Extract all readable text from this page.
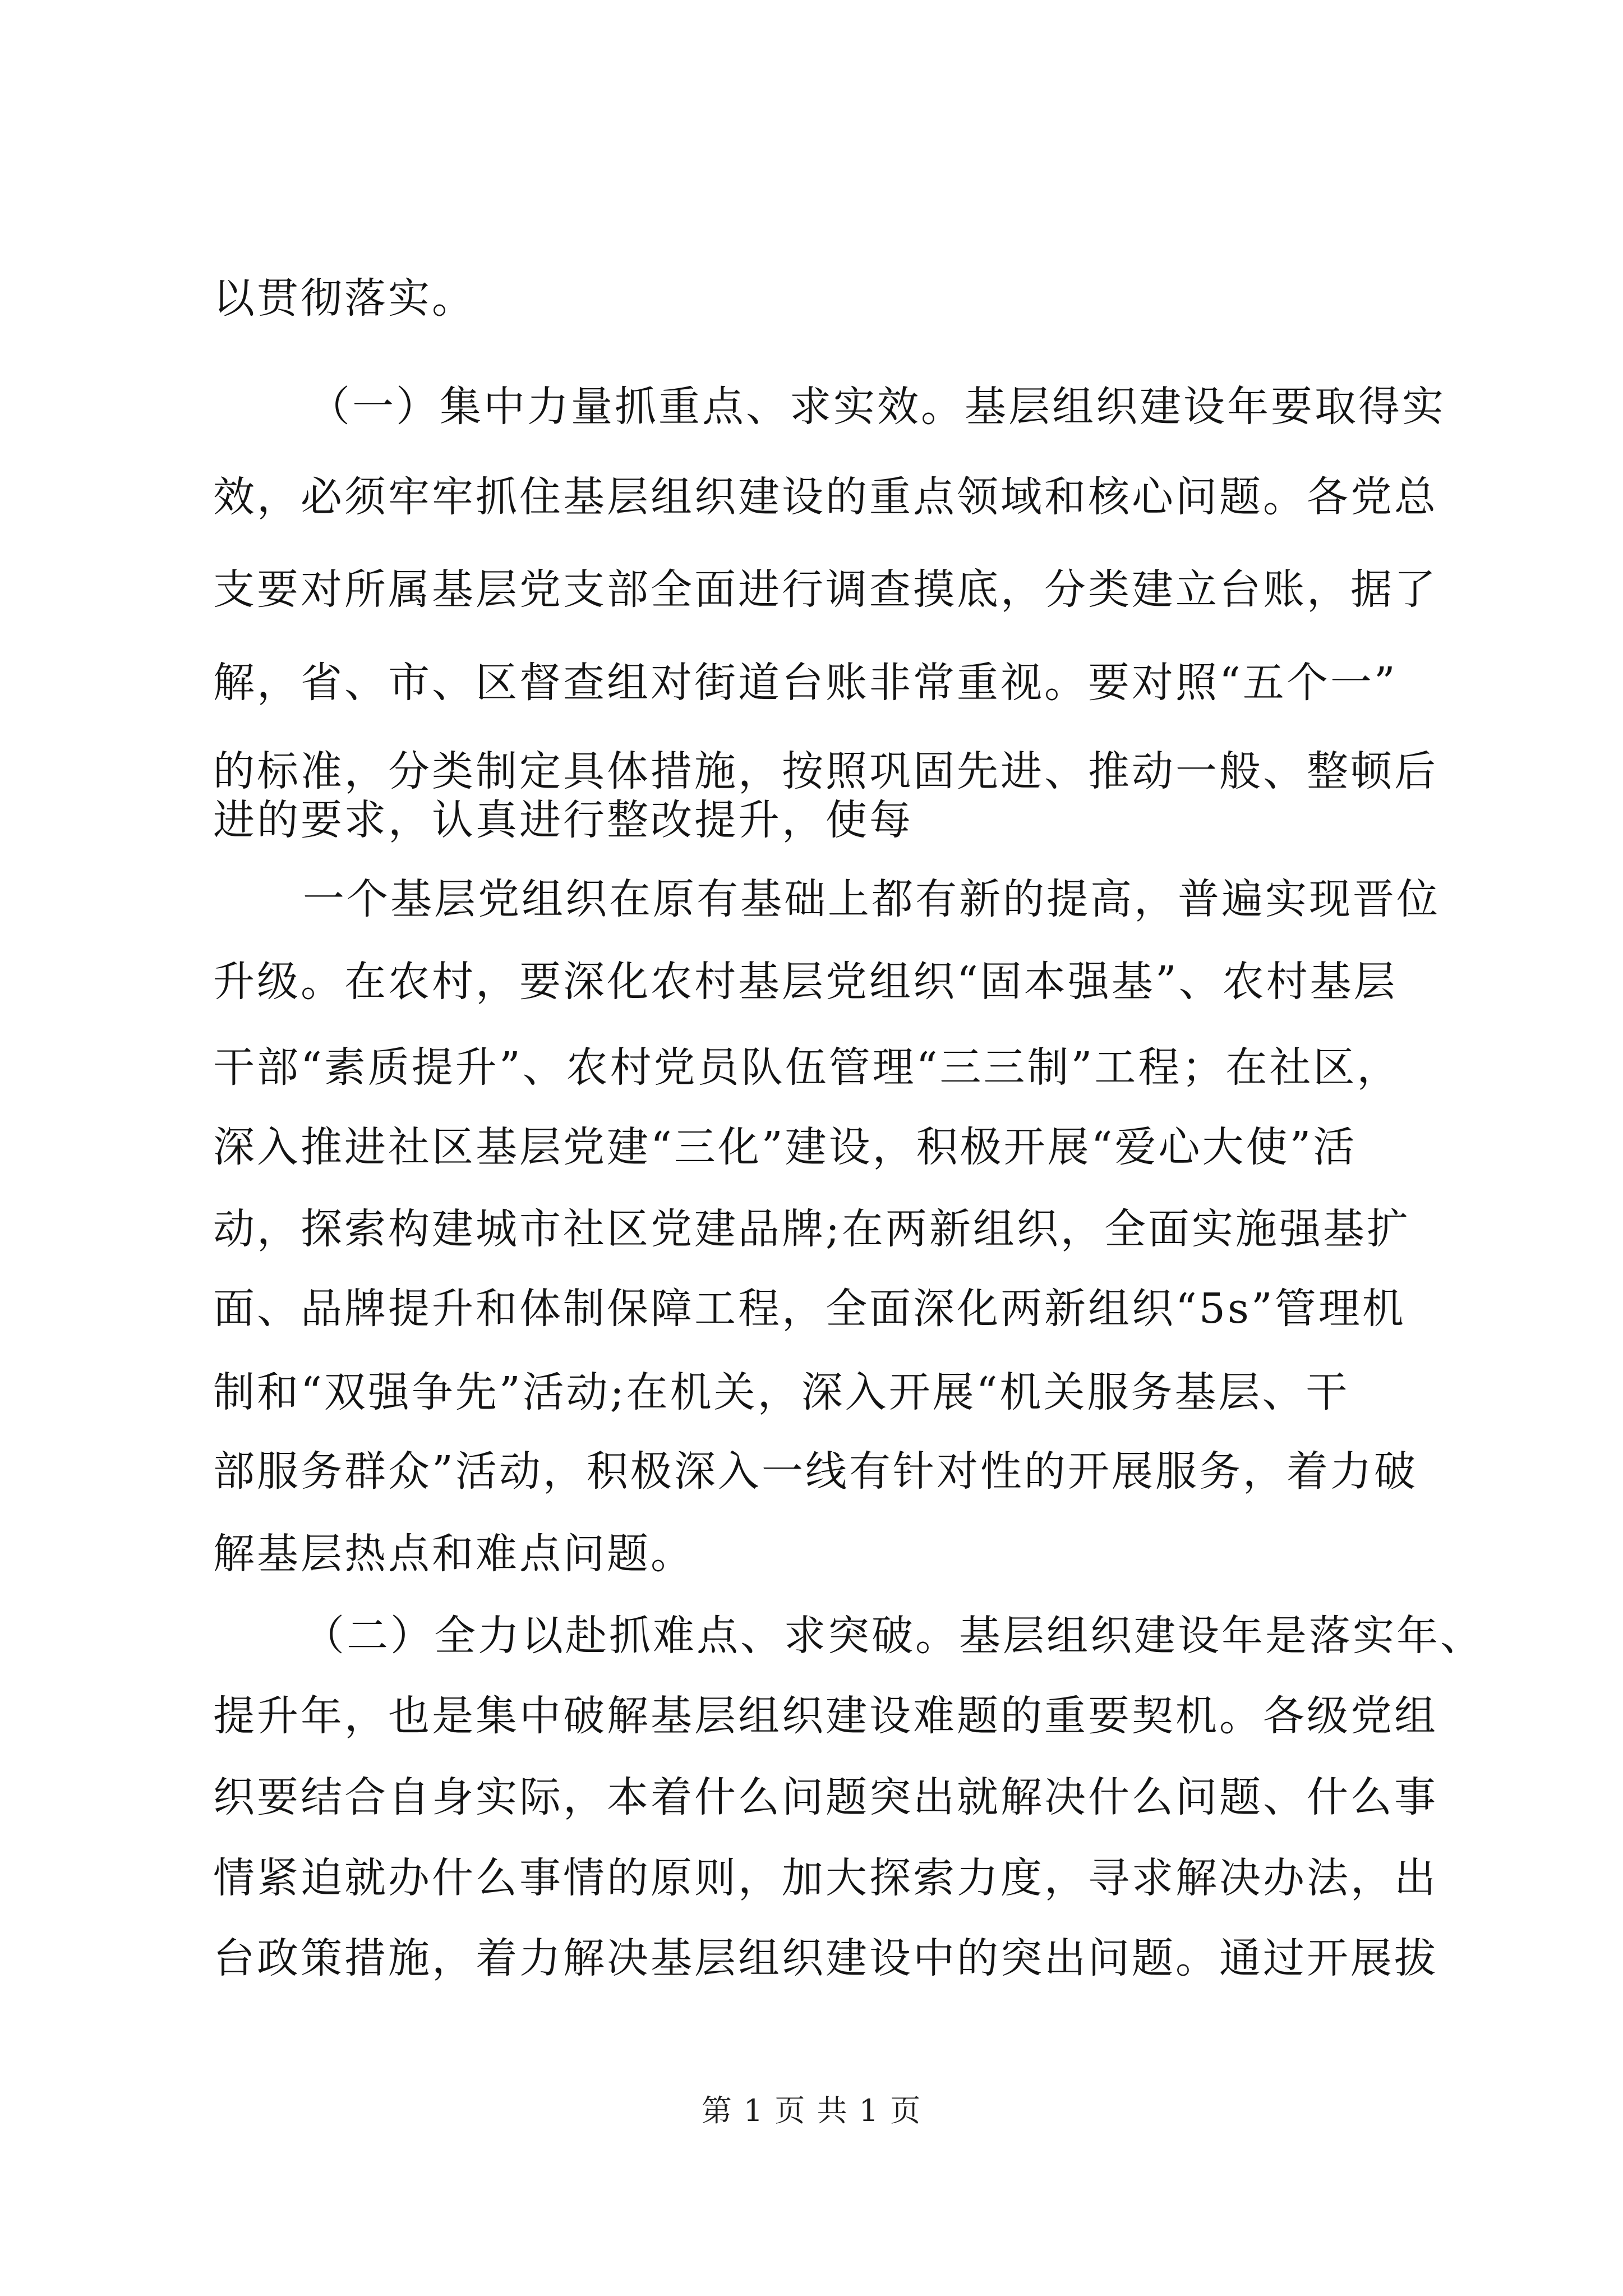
以贯彻落实。
（一）集中力量抓重点、求实效。基层组织建设年要取得实
效，必须牢牢抓住基层组织建设的重点领域和核心问题。各党总
支要对所属基层党支部全面进行调查摸底，分类建立台账，据了
解，省、市、区督查组对街道台账非常重视。要对照“五个一”
的标准，分类制定具体措施，按照巩固先进、推动一般、整顿后
进的要求，认真进行整改提升，使每
一个基层党组织在原有基础上都有新的提高，普遍实现晋位
升级。在农村，要深化农村基层党组织“固本强基”、农村基层
干部“素质提升”、农村党员队伍管理“三三制”工程；在社区，
深入推进社区基层党建“三化”建设，积极开展“爱心大使”活
动，探索构建城市社区党建品牌;在两新组织，全面实施强基扩
面、品牌提升和体制保障工程，全面深化两新组织“5s”管理机
制和“双强争先”活动;在机关，深入开展“机关服务基层、干
部服务群众”活动，积极深入一线有针对性的开展服务，着力破
解基层热点和难点问题。
（二）全力以赴抓难点、求突破。基层组织建设年是落实年、
提升年，也是集中破解基层组织建设难题的重要契机。各级党组
织要结合自身实际，本着什么问题突出就解决什么问题、什么事
情紧迫就办什么事情的原则，加大探索力度，寻求解决办法，出
台政策措施，着力解决基层组织建设中的突出问题。通过开展拔
第 1 页 共 1 页
